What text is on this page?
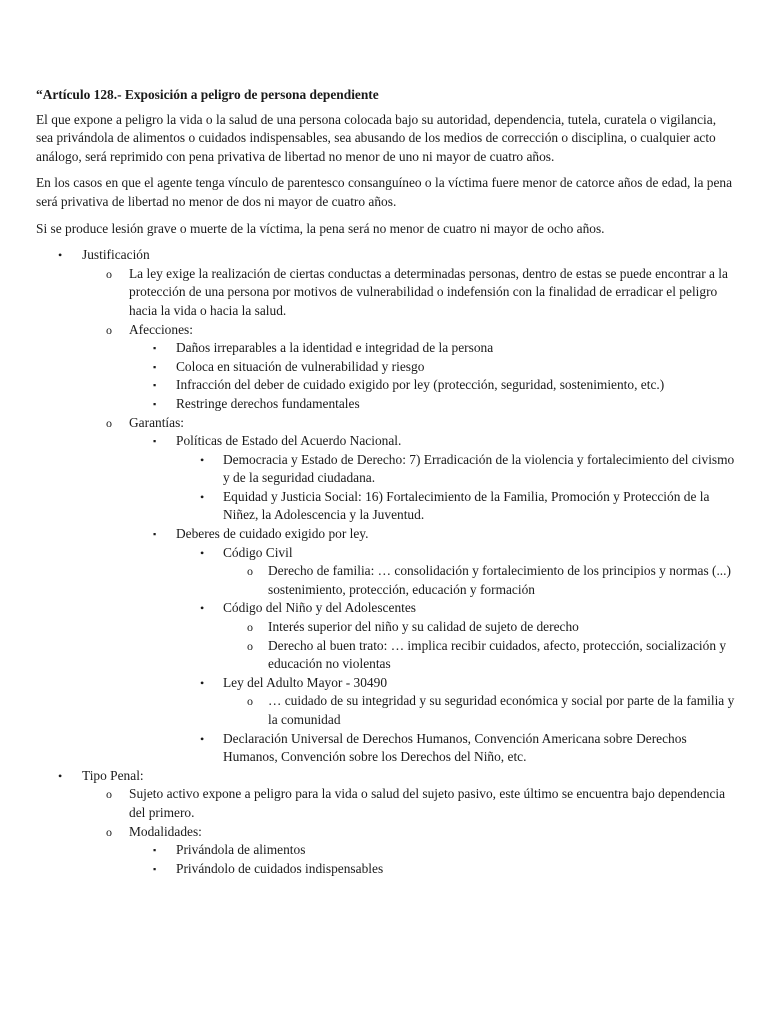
“Artículo 128.- Exposición a peligro de persona dependiente

El que expone a peligro la vida o la salud de una persona colocada bajo su autoridad, dependencia, tutela, curatela o vigilancia, sea privándola de alimentos o cuidados indispensables, sea abusando de los medios de corrección o disciplina, o cualquier acto análogo, será reprimido con pena privativa de libertad no menor de uno ni mayor de cuatro años.

En los casos en que el agente tenga vínculo de parentesco consanguíneo o la víctima fuere menor de catorce años de edad, la pena será privativa de libertad no menor de dos ni mayor de cuatro años.

Si se produce lesión grave o muerte de la víctima, la pena será no menor de cuatro ni mayor de ocho años.

• Justificación
o La ley exige la realización de ciertas conductas a determinadas personas, dentro de estas se puede encontrar a la protección de una persona por motivos de vulnerabilidad o indefensión con la finalidad de erradicar el peligro hacia la vida o hacia la salud.
o Afecciones:
▪ Daños irreparables a la identidad e integridad de la persona
▪ Coloca en situación de vulnerabilidad y riesgo
▪ Infracción del deber de cuidado exigido por ley (protección, seguridad, sostenimiento, etc.)
▪ Restringe derechos fundamentales
o Garantías:
▪ Políticas de Estado del Acuerdo Nacional.
• Democracia y Estado de Derecho: 7) Erradicación de la violencia y fortalecimiento del civismo y de la seguridad ciudadana.
• Equidad y Justicia Social: 16) Fortalecimiento de la Familia, Promoción y Protección de la Niñez, la Adolescencia y la Juventud.
▪ Deberes de cuidado exigido por ley.
• Código Civil
o Derecho de familia: … consolidación y fortalecimiento de los principios y normas (...) sostenimiento, protección, educación y formación
• Código del Niño y del Adolescentes
o Interés superior del niño y su calidad de sujeto de derecho
o Derecho al buen trato: … implica recibir cuidados, afecto, protección, socialización y educación no violentas
• Ley del Adulto Mayor - 30490
o … cuidado de su integridad y su seguridad económica y social por parte de la familia y la comunidad
• Declaración Universal de Derechos Humanos, Convención Americana sobre Derechos Humanos, Convención sobre los Derechos del Niño, etc.
• Tipo Penal:
o Sujeto activo expone a peligro para la vida o salud del sujeto pasivo, este último se encuentra bajo dependencia del primero.
o Modalidades:
▪ Privándola de alimentos
▪ Privándolo de cuidados indispensables
